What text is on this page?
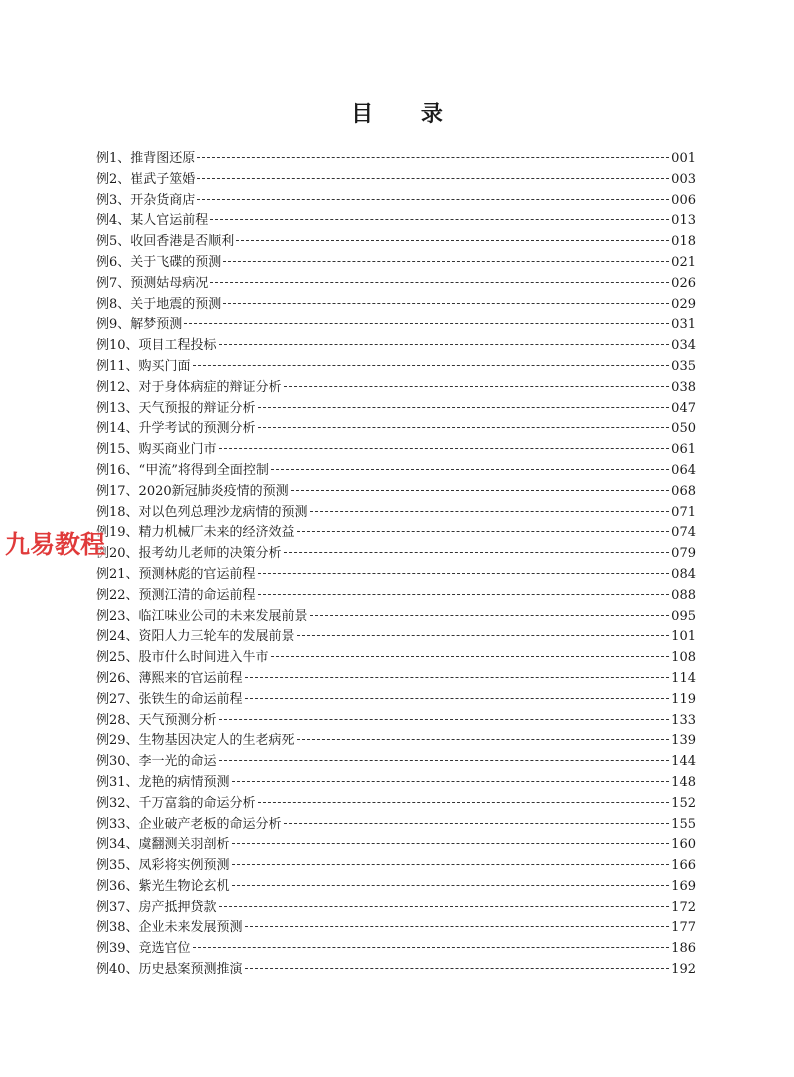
目 录
例1、推背图还原	001
例2、崔武子筮婚	003
例3、开杂货商店	006
例4、某人官运前程	013
例5、收回香港是否顺利	018
例6、关于飞碟的预测	021
例7、预测姑母病况	026
例8、关于地震的预测	029
例9、解梦预测	031
例10、项目工程投标	034
例11、购买门面	035
例12、对于身体病症的辩证分析	038
例13、天气预报的辩证分析	047
例14、升学考试的预测分析	050
例15、购买商业门市	061
例16、“甲流”将得到全面控制	064
例17、2020新冠肺炎疫情的预测	068
例18、对以色列总理沙龙病情的预测	071
例19、精力机械厂未来的经济效益	074
例20、报考幼儿老师的决策分析	079
例21、预测林彪的官运前程	084
例22、预测江清的命运前程	088
例23、临江味业公司的未来发展前景	095
例24、资阳人力三轮车的发展前景	101
例25、股市什么时间进入牛市	108
例26、薄熙来的官运前程	114
例27、张铁生的命运前程	119
例28、天气预测分析	133
例29、生物基因决定人的生老病死	139
例30、李一光的命运	144
例31、龙艳的病情预测	148
例32、千万富翁的命运分析	152
例33、企业破产老板的命运分析	155
例34、虞翻测关羽剖析	160
例35、凤彩将实例预测	166
例36、紫光生物论玄机	169
例37、房产抵押贷款	172
例38、企业未来发展预测	177
例39、竞选官位	186
例40、历史悬案预测推演	192
九易教程
